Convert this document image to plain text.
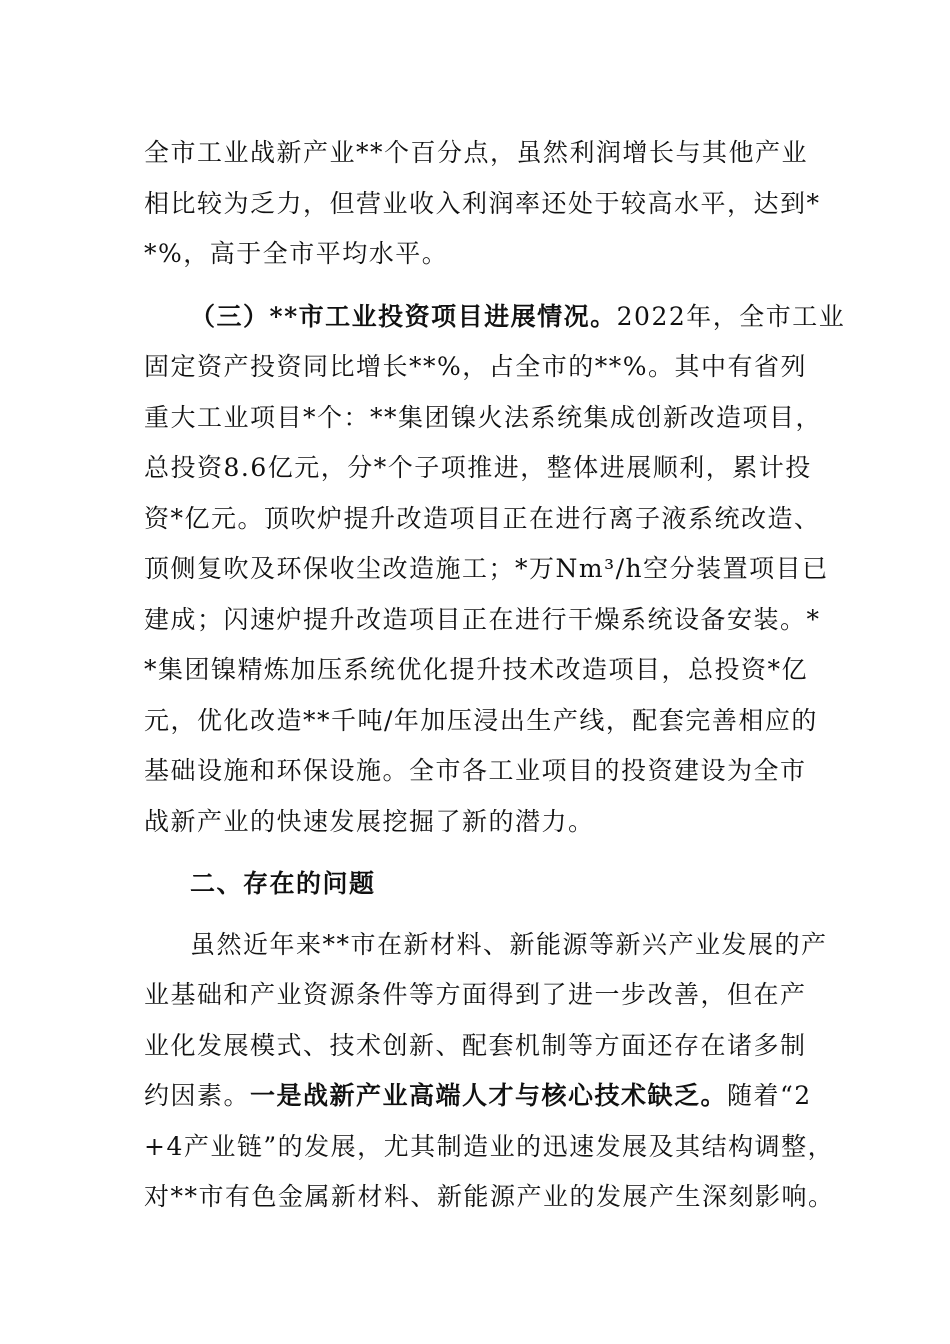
全市工业战新产业**个百分点，虽然利润增长与其他产业
相比较为乏力，但营业收入利润率还处于较高水平，达到*
*%，高于全市平均水平。
（三）**市工业投资项目进展情况。2022年，全市工业
固定资产投资同比增长**%，占全市的**%。其中有省列
重大工业项目*个：**集团镍火法系统集成创新改造项目，
总投资8.6亿元，分*个子项推进，整体进展顺利，累计投
资*亿元。顶吹炉提升改造项目正在进行离子液系统改造、
顶侧复吹及环保收尘改造施工；*万Nm³/h空分装置项目已
建成；闪速炉提升改造项目正在进行干燥系统设备安装。*
*集团镍精炼加压系统优化提升技术改造项目，总投资*亿
元，优化改造**千吨/年加压浸出生产线，配套完善相应的
基础设施和环保设施。全市各工业项目的投资建设为全市
战新产业的快速发展挖掘了新的潜力。
二、存在的问题
虽然近年来**市在新材料、新能源等新兴产业发展的产
业基础和产业资源条件等方面得到了进一步改善，但在产
业化发展模式、技术创新、配套机制等方面还存在诸多制
约因素。一是战新产业高端人才与核心技术缺乏。随着“2
+4产业链”的发展，尤其制造业的迅速发展及其结构调整，
对**市有色金属新材料、新能源产业的发展产生深刻影响。
